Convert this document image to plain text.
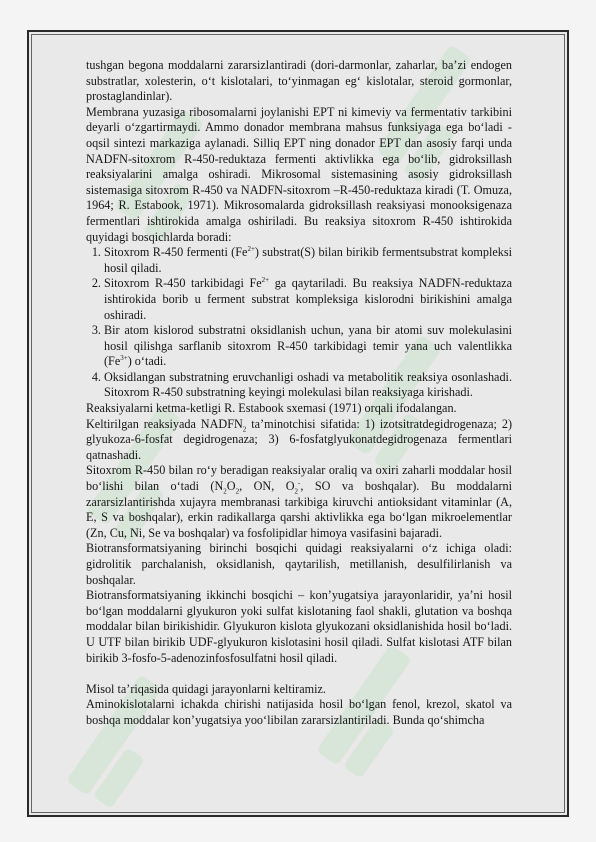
tushgan begona moddalarni zararsizlantiradi (dori-darmonlar, zaharlar, ba’zi endogen substratlar, xolesterin, o‘t kislotalari, to‘yinmagan eg‘ kislotalar, steroid gormonlar, prostaglandinlar).

Membrana yuzasiga ribosomalarni joylanishi EPT ni kimeviy va fermentativ tarkibini deyarli o‘zgartirmaydi. Ammo donador membrana mahsus funksiyaga ega bo‘ladi - oqsil sintezi markaziga aylanadi. Silliq EPT ning donador EPT dan asosiy farqi unda NADFN-sitoxrom R-450-reduktaza fermenti aktivlikka ega bo‘lib, gidroksillash reaksiyalarini amalga oshiradi. Mikrosomal sistemasining asosiy gidroksillash sistemasiga sitoxrom R-450 va NADFN-sitoxrom –R-450-reduktaza kiradi (T. Omuza, 1964; R. Estabook, 1971). Mikrosomalarda gidroksillash reaksiyasi monooksigenaza fermentlari ishtirokida amalga oshiriladi. Bu reaksiya sitoxrom R-450 ishtirokida quyidagi bosqichlarda boradi:

1. Sitoxrom R-450 fermenti $(Fe^{2+})$ substrat(S) bilan birikib fermentsubstrat kompleksi hosil qiladi.
2. Sitoxrom R-450 tarkibidagi $Fe^{2+}$ ga qaytariladi. Bu reaksiya NADFN-reduktaza ishtirokida borib u ferment substrat kompleksiga kislorodni birikishini amalga oshiradi.
3. Bir atom kislorod substratni oksidlanish uchun, yana bir atomi suv molekulasini hosil qilishga sarflanib sitoxrom R-450 tarkibidagi temir yana uch valentlikka $(Fe^{3+})$ o‘tadi.
4. Oksidlangan substratning eruvchanligi oshadi va metabolitik reaksiya osonlashadi. Sitoxrom R-450 substratning keyingi molekulasi bilan reaksiyaga kirishadi.

Reaksiyalarni ketma-ketligi R. Estabook sxemasi (1971) orqali ifodalangan.

Keltirilgan reaksiyada $NADFN_2$ ta’minotchisi sifatida: 1) izotsitratdegidrogenaza; 2) glyukoza-6-fosfat degidrogenaza; 3) 6-fosfatglyukonatdegidrogenaza fermentlari qatnashadi.

Sitoxrom R-450 bilan ro‘y beradigan reaksiyalar oraliq va oxiri zaharli moddalar hosil bo‘lishi bilan o‘tadi ($N_2O_2$, ON, $O_2^-$, SO va boshqalar). Bu moddalarni zararsizlantirishda xujayra membranasi tarkibiga kiruvchi antioksidant vitaminlar (A, E, S va boshqalar), erkin radikallarga qarshi aktivlikka ega bo‘lgan mikroelementlar (Zn, Cu, Ni, Se va boshqalar) va fosfolipidlar himoya vasifasini bajaradi.

Biotransformatsiyaning birinchi bosqichi quidagi reaksiyalarni o‘z ichiga oladi: gidrolitik parchalanish, oksidlanish, qaytarilish, metillanish, desulfilirlanish va boshqalar.

Biotransformatsiyaning ikkinchi bosqichi – kon’yugatsiya jarayonlaridir, ya’ni hosil bo‘lgan moddalarni glyukuron yoki sulfat kislotaning faol shakli, glutation va boshqa moddalar bilan birikishidir. Glyukuron kislota glyukozani oksidlanishida hosil bo‘ladi. U UTF bilan birikib UDF-glyukuron kislotasini hosil qiladi. Sulfat kislotasi ATF bilan birikib 3-fosfo-5-adenozinfosfosulfatni hosil qiladi.

Misol ta’riqasida quidagi jarayonlarni keltiramiz.

Aminokislotalarni ichakda chirishi natijasida hosil bo‘lgan fenol, krezol, skatol va boshqa moddalar kon’yugatsiya yoo‘libilan zararsizlantiriladi. Bunda qo‘shimcha
